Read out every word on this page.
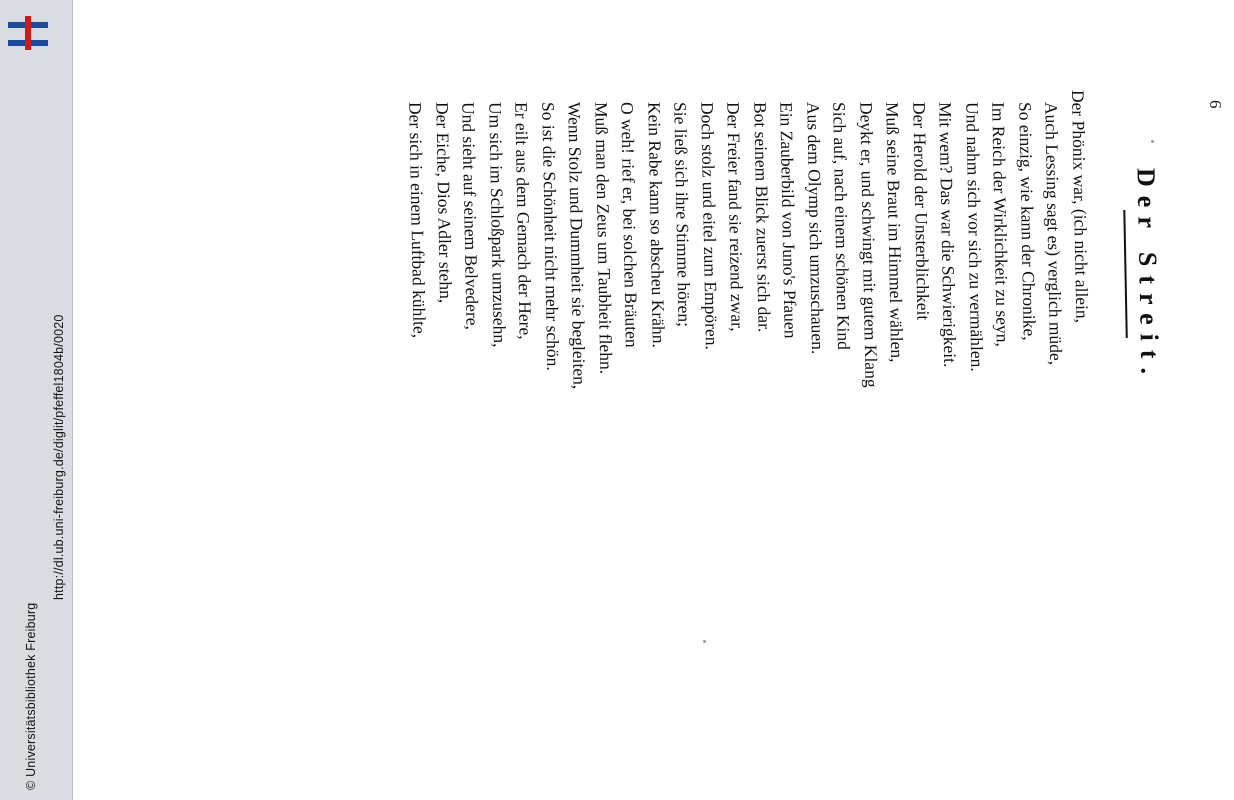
http://dl.ub.uni-freiburg.de/diglit/pfeffel1804b/0020
© Universitätsbibliothek Freiburg
6
Der Streit.
Der Phönix war, (ich nicht allein,
Auch Lessing sagt es) verglich müde,
So einzig, wie kann der Chronike,
Im Reich der Wirklichkeit zu seyn,
Und nahm sich vor sich zu vermählen.
Mit wem? Das war die Schwierigkeit.
Der Herold der Unsterblichkeit
Muß seine Braut im Himmel wählen,
Deykt er, und schwingt mit gutem Klang
Sich auf, nach einem schönen Kind
Aus dem Olymp sich umzuschauen.
Ein Zauberbild von Juno's Pfauen
Bot seinem Blick zuerst sich dar.
Der Freier fand sie reizend zwar,
Doch stolz und eitel zum Empören.
Sie ließ sich ihre Stimme hören;
Kein Rabe kann so abscheu Krähn.
O weh! rief er, bei solchen Bräuten
Muß man den Zeus um Taubheit flehn.
Wenn Stolz und Dummheit sie begleiten,
So ist die Schönheit nicht mehr schön.
Er eilt aus dem Gemach der Here,
Um sich im Schloßpark umzusehn,
Und sieht auf seinem Belvedere,
Der Eiche, Dios Adler stehn,
Der sich in einem Luftbad kühlte,
